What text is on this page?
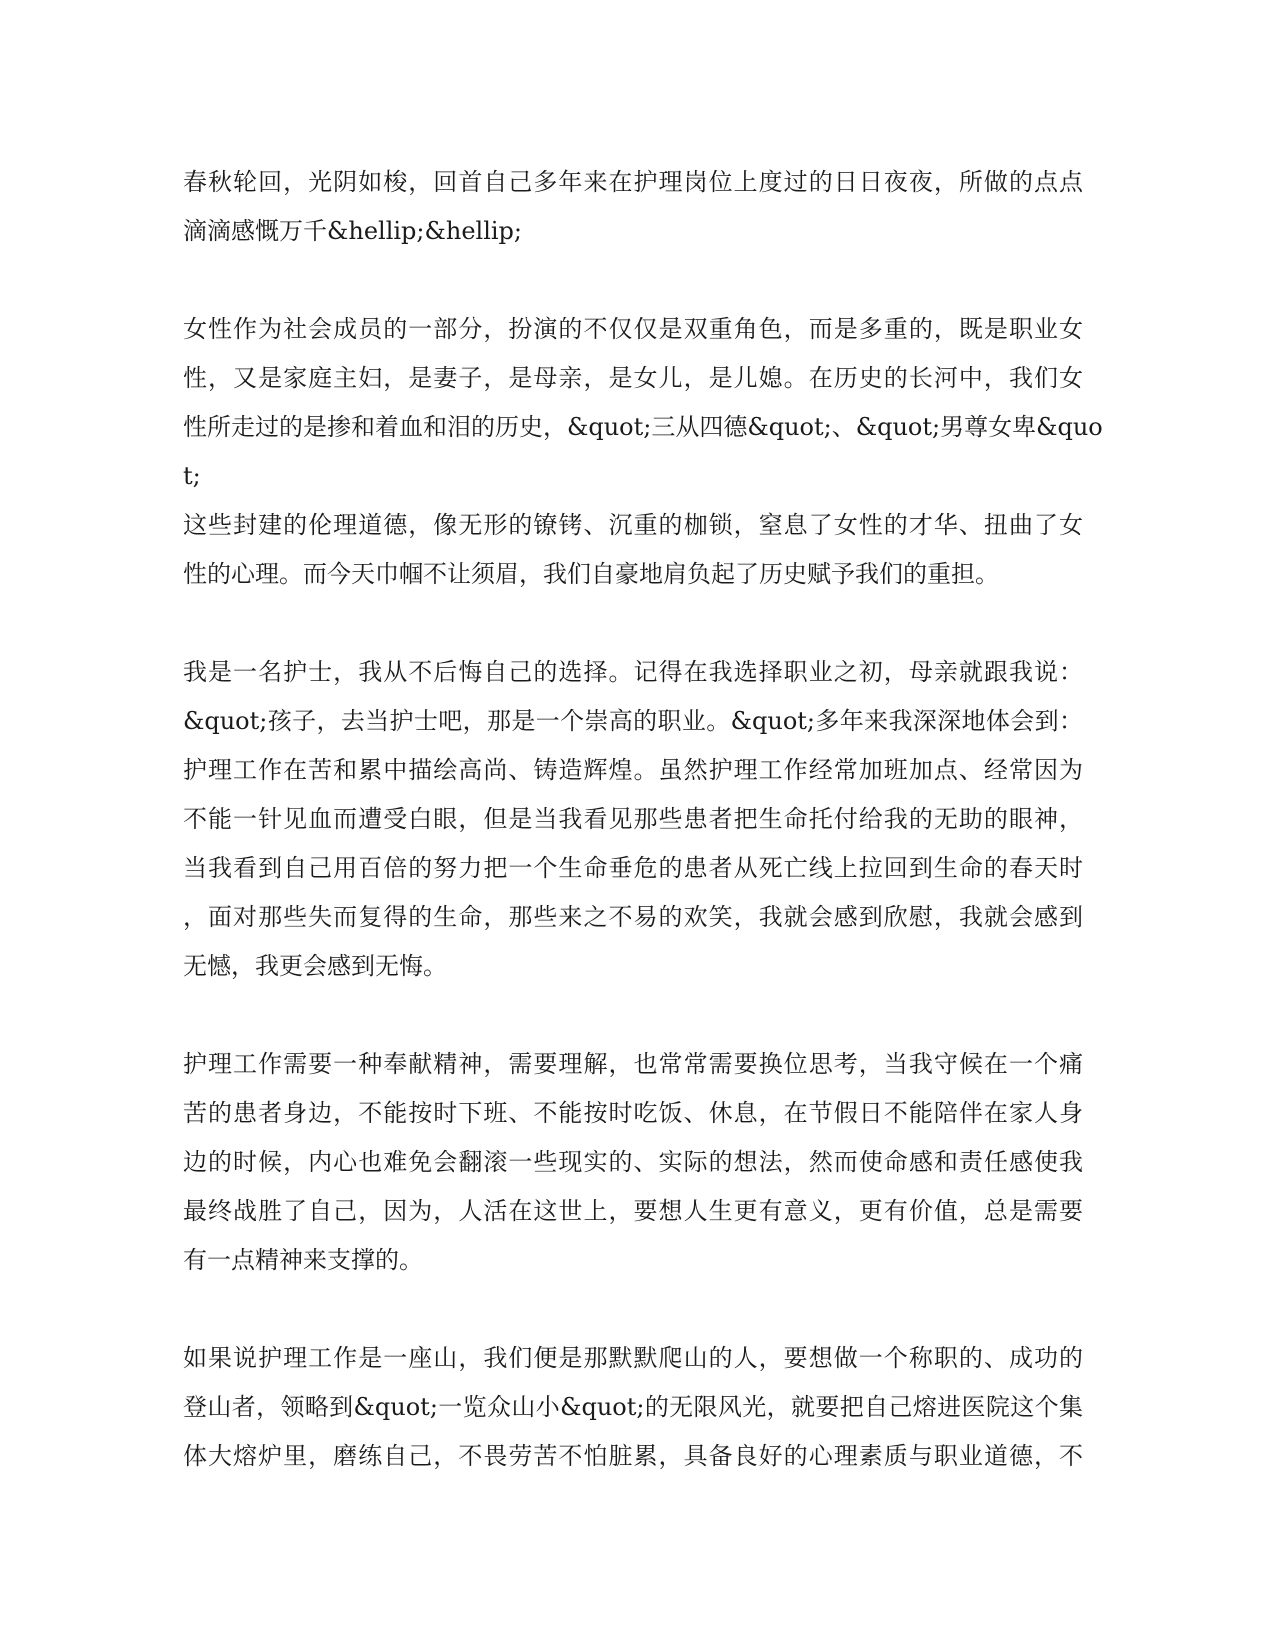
春秋轮回，光阴如梭，回首自己多年来在护理岗位上度过的日日夜夜，所做的点点
滴滴感慨万千&hellip;&hellip;

女性作为社会成员的一部分，扮演的不仅仅是双重角色，而是多重的，既是职业女
性，又是家庭主妇，是妻子，是母亲，是女儿，是儿媳。在历史的长河中，我们女
性所走过的是掺和着血和泪的历史，&quot;三从四德&quot;、&quot;男尊女卑&quo
t;
这些封建的伦理道德，像无形的镣铐、沉重的枷锁，窒息了女性的才华、扭曲了女
性的心理。而今天巾帼不让须眉，我们自豪地肩负起了历史赋予我们的重担。

我是一名护士，我从不后悔自己的选择。记得在我选择职业之初，母亲就跟我说：
&quot;孩子，去当护士吧，那是一个崇高的职业。&quot;多年来我深深地体会到：
护理工作在苦和累中描绘高尚、铸造辉煌。虽然护理工作经常加班加点、经常因为
不能一针见血而遭受白眼，但是当我看见那些患者把生命托付给我的无助的眼神，
当我看到自己用百倍的努力把一个生命垂危的患者从死亡线上拉回到生命的春天时
，面对那些失而复得的生命，那些来之不易的欢笑，我就会感到欣慰，我就会感到
无憾，我更会感到无悔。

护理工作需要一种奉献精神，需要理解，也常常需要换位思考，当我守候在一个痛
苦的患者身边，不能按时下班、不能按时吃饭、休息，在节假日不能陪伴在家人身
边的时候，内心也难免会翻滚一些现实的、实际的想法，然而使命感和责任感使我
最终战胜了自己，因为，人活在这世上，要想人生更有意义，更有价值，总是需要
有一点精神来支撑的。

如果说护理工作是一座山，我们便是那默默爬山的人，要想做一个称职的、成功的
登山者，领略到&quot;一览众山小&quot;的无限风光，就要把自己熔进医院这个集
体大熔炉里，磨练自己，不畏劳苦不怕脏累，具备良好的心理素质与职业道德，不
